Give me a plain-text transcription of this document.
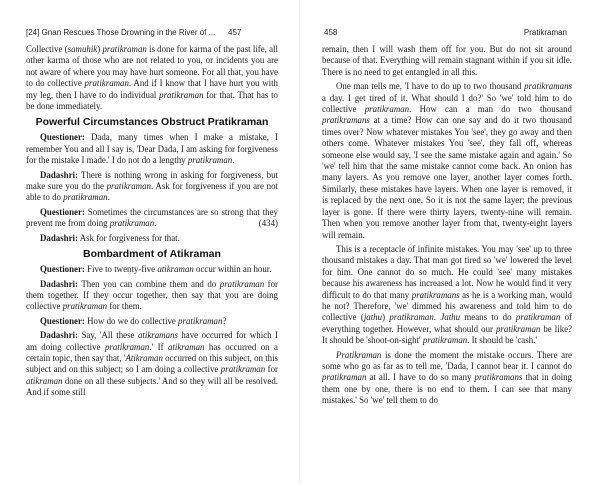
[24] Gnan Rescues Those Drowning in the River of ... 457

Collective (samuhik) pratikraman is done for karma of the past life, all other karma of those who are not related to you, or incidents you are not aware of where you may have hurt someone. For all that, you have to do collective pratikraman. And if I know that I have hurt you with my leg, then I have to do individual pratikraman for that. That has to be done immediately.

Powerful Circumstances Obstruct Pratikraman

Questioner: Dada, many times when I make a mistake, I remember You and all I say is, 'Dear Dada, I am asking for forgiveness for the mistake I made.' I do not do a lengthy pratikraman.

Dadashri: There is nothing wrong in asking for forgiveness, but make sure you do the pratikraman. Ask for forgiveness if you are not able to do pratikraman.

Questioner: Sometimes the circumstances are so strong that they prevent me from doing pratikraman.	(434)

Dadashri: Ask for forgiveness for that.

Bombardment of Atikraman

Questioner: Five to twenty-five atikraman occur within an hour.

Dadashri: Then you can combine them and do pratikraman for them together. If they occur together, then say that you are doing collective pratikraman for them.

Questioner: How do we do collective pratikraman?

Dadashri: Say, 'All these atikramans have occurred for which I am doing collective pratikraman.' If atikraman has occurred on a certain topic, then say that, 'Atikraman occurred on this subject, on this subject and on this subject; so I am doing a collective pratikraman for atikraman done on all these subjects.' And so they will all be resolved. And if some still

458	Pratikraman

remain, then I will wash them off for you. But do not sit around because of that. Everything will remain stagnant within if you sit idle. There is no need to get entangled in all this.

One man tells me, 'I have to do up to two thousand pratikramans a day. I get tired of it. What should I do?' So 'we' told him to do collective pratikraman. How can a man do two thousand pratikramans at a time? How can one say and do it two thousand times over? Now whatever mistakes You 'see', they go away and then others come. Whatever mistakes You 'see', they fall off, whereas someone else would say, 'I see the same mistake again and again.' So 'we' tell him that the same mistake cannot come back. An onion has many layers. As you remove one layer, another layer comes forth. Similarly, these mistakes have layers. When one layer is removed, it is replaced by the next one. So it is not the same layer; the previous layer is gone. If there were thirty layers, twenty-nine will remain. Then when you remove another layer from that, twenty-eight layers will remain.

This is a receptacle of infinite mistakes. You may 'see' up to three thousand mistakes a day. That man got tired so 'we' lowered the level for him. One cannot do so much. He could 'see' many mistakes because his awareness has increased a lot. Now he would find it very difficult to do that many pratikramans as he is a working man, would he not? Therefore, 'we' dimmed his awareness and told him to do collective (jathu) pratikraman. Jathu means to do pratikraman of everything together. However, what should our pratikraman be like? It should be 'shoot-on-sight' pratikraman. It should be 'cash.'

Pratikraman is done the moment the mistake occurs. There are some who go as far as to tell me, 'Dada, I cannot bear it. I cannot do pratikraman at all. I have to do so many pratikramans that in doing them one by one, there is no end to them. I can see that many mistakes.' So 'we' tell them to do
